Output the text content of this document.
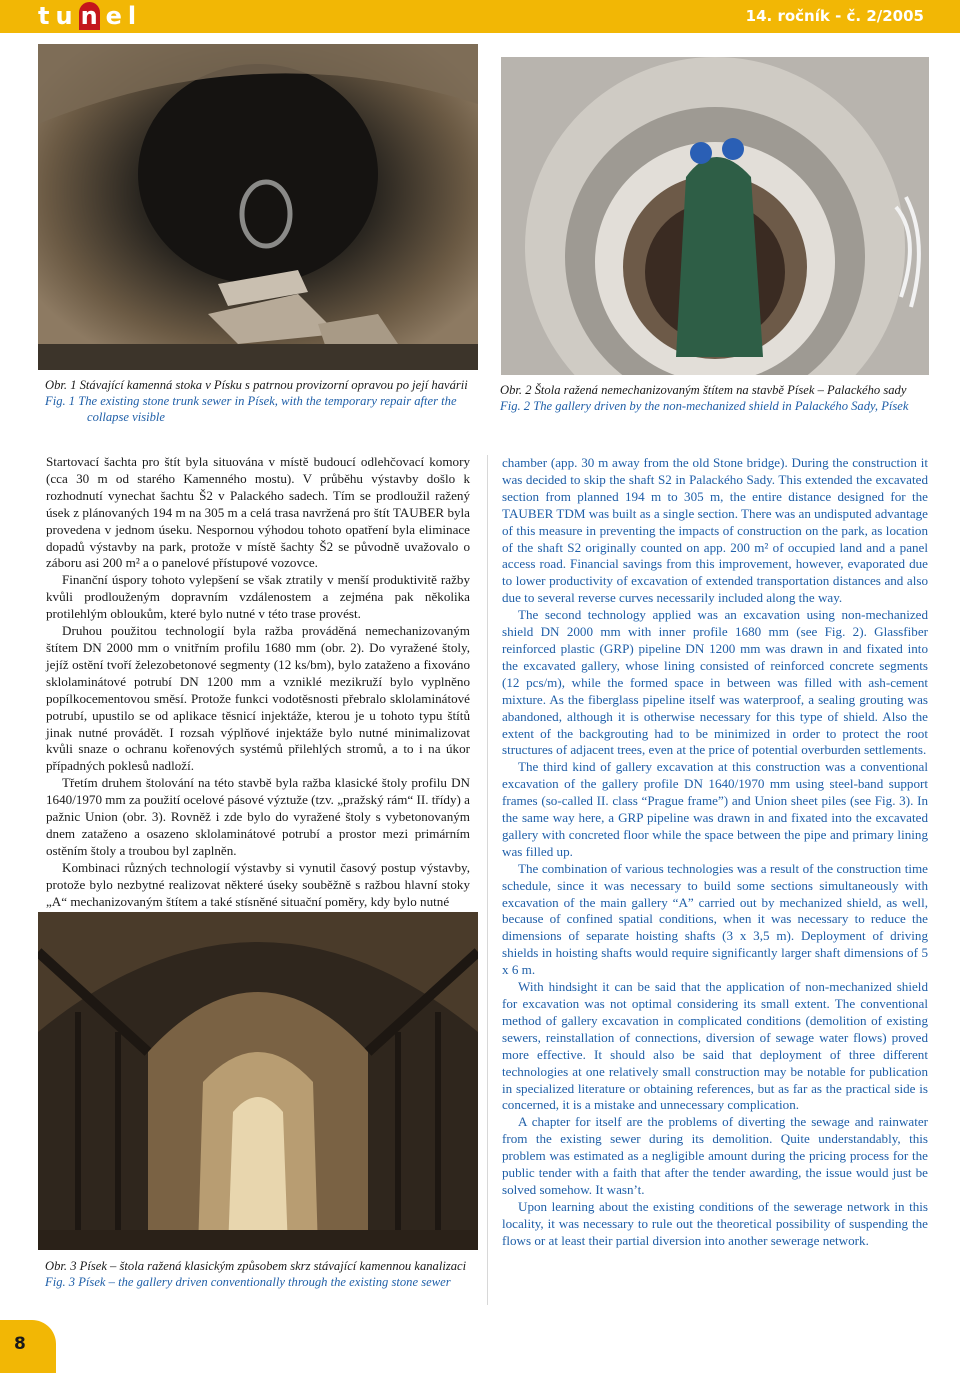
tun el	14. ročník - č. 2/2005

Obr. 1 Stávající kamenná stoka v Písku s patrnou provizorní opravou po její havárii

Fig. 1 The existing stone trunk sewer in Písek, with the temporary repair after the collapse visible

Obr. 2 Štola ražená nemechanizovaným štítem na stavbě Písek – Palackého sady

Fig. 2 The gallery driven by the non-mechanized shield in Palackého Sady, Písek

Obr. 3 Písek – štola ražená klasickým způsobem skrz stávající kamennou kanalizaci

Fig. 3 Písek – the gallery driven conventionally through the existing stone sewer

Startovací šachta pro štít byla situována v místě budoucí odlehčovací komory (cca 30 m od starého Kamenného mostu). V průběhu výstavby došlo k rozhodnutí vynechat šachtu Š2 v Palackého sadech. Tím se prodloužil ražený úsek z plánovaných 194 m na 305 m a celá trasa navržená pro štít TAUBER byla provedena v jednom úseku. Nespornou výhodou tohoto opatření byla eliminace dopadů výstavby na park, protože v místě šachty Š2 se původně uvažovalo o záboru asi 200 m² a o panelové přístupové vozovce.

Finanční úspory tohoto vylepšení se však ztratily v menší produktivitě ražby kvůli prodlouženým dopravním vzdálenostem a zejména pak několika protilehlým obloukům, které bylo nutné v této trase provést.

Druhou použitou technologií byla ražba prováděná nemechanizovaným štítem DN 2000 mm o vnitřním profilu 1680 mm (obr. 2). Do vyražené štoly, jejíž ostění tvoří železobetonové segmenty (12 ks/bm), bylo zataženo a fixováno sklolaminátové potrubí DN 1200 mm a vzniklé mezikruží bylo vyplněno popílkocementovou směsí. Protože funkci vodotěsnosti přebralo sklolaminátové potrubí, upustilo se od aplikace těsnicí injektáže, kterou je u tohoto typu štítů jinak nutné provádět. I rozsah výplňové injektáže bylo nutné minimalizovat kvůli snaze o ochranu kořenových systémů přilehlých stromů, a to i na úkor případných poklesů nadloží.

Třetím druhem štolování na této stavbě byla ražba klasické štoly profilu DN 1640/1970 mm za použití ocelové pásové výztuže (tzv. „pražský rám“ II. třídy) a pažnic Union (obr. 3). Rovněž i zde bylo do vyražené štoly s vybetonovaným dnem zataženo a osazeno sklolaminátové potrubí a prostor mezi primárním ostěním štoly a troubou byl zaplněn.

Kombinaci různých technologií výstavby si vynutil časový postup výstavby, protože bylo nezbytné realizovat některé úseky souběžně s ražbou hlavní stoky „A“ mechanizovaným štítem a také stísněné situační poměry, kdy bylo nutné

chamber (app. 30 m away from the old Stone bridge). During the construction it was decided to skip the shaft S2 in Palackého Sady. This extended the excavated section from planned 194 m to 305 m, the entire distance designed for the TAUBER TDM was built as a single section. There was an undisputed advantage of this measure in preventing the impacts of construction on the park, as location of the shaft S2 originally counted on app. 200 m² of occupied land and a panel access road. Financial savings from this improvement, however, evaporated due to lower productivity of excavation of extended transportation distances and also due to several reverse curves necessarily included along the way.

The second technology applied was an excavation using non-mechanized shield DN 2000 mm with inner profile 1680 mm (see Fig. 2). Glassfiber reinforced plastic (GRP) pipeline DN 1200 mm was drawn in and fixated into the excavated gallery, whose lining consisted of reinforced concrete segments (12 pcs/m), while the formed space in between was filled with ash-cement mixture. As the fiberglass pipeline itself was waterproof, a sealing grouting was abandoned, although it is otherwise necessary for this type of shield. Also the extent of the backgrouting had to be minimized in order to protect the root structures of adjacent trees, even at the price of potential overburden settlements.

The third kind of gallery excavation at this construction was a conventional excavation of the gallery profile DN 1640/1970 mm using steel-band support frames (so-called II. class “Prague frame”) and Union sheet piles (see Fig. 3). In the same way here, a GRP pipeline was drawn in and fixated into the excavated gallery with concreted floor while the space between the pipe and primary lining was filled up.

The combination of various technologies was a result of the construction time schedule, since it was necessary to build some sections simultaneously with excavation of the main gallery “A” carried out by mechanized shield, as well, because of confined spatial conditions, when it was necessary to reduce the dimensions of separate hoisting shafts (3 x 3,5 m). Deployment of driving shields in hoisting shafts would require significantly larger shaft dimensions of 5 x 6 m.

With hindsight it can be said that the application of non-mechanized shield for excavation was not optimal considering its small extent. The conventional method of gallery excavation in complicated conditions (demolition of existing sewers, reinstallation of connections, diversion of sewage water flows) proved more effective. It should also be said that deployment of three different technologies at one relatively small construction may be notable for publication in specialized literature or obtaining references, but as far as the practical side is concerned, it is a mistake and unnecessary complication.

A chapter for itself are the problems of diverting the sewage and rainwater from the existing sewer during its demolition. Quite understandably, this problem was estimated as a negligible amount during the pricing process for the public tender with a faith that after the tender awarding, the issue would just be solved somehow. It wasn’t.

Upon learning about the existing conditions of the sewerage network in this locality, it was necessary to rule out the theoretical possibility of suspending the flows or at least their partial diversion into another sewerage network.

8
